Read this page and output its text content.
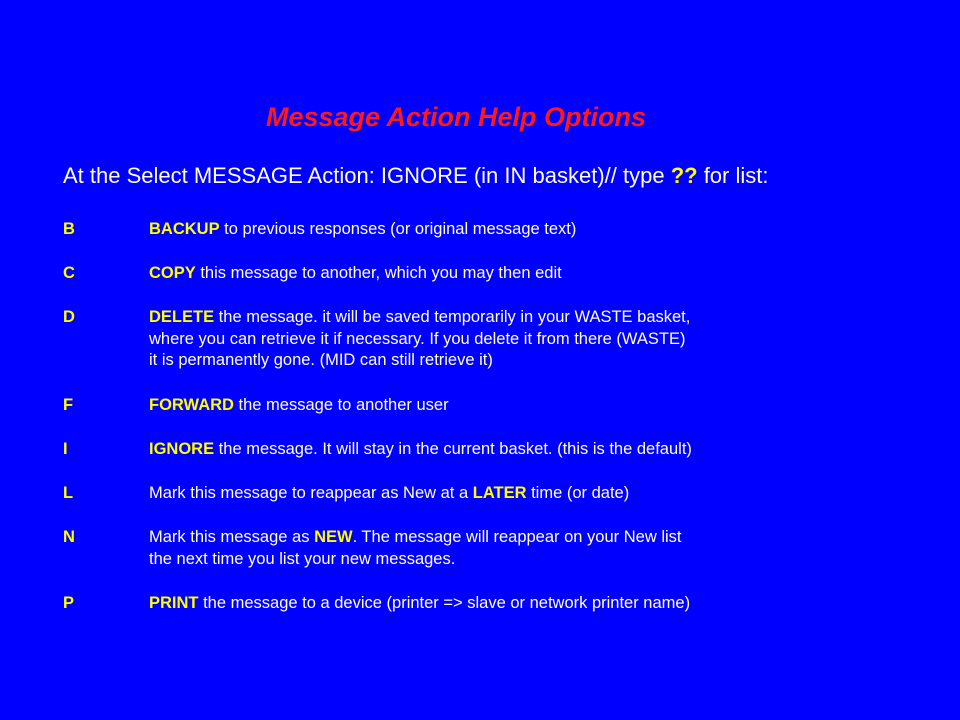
Message Action Help Options
At the Select MESSAGE Action: IGNORE (in IN basket)// type ?? for list:
B	BACKUP to previous responses (or original message text)
C	COPY this message to another, which you may then edit
D	DELETE the message. it will be saved temporarily in your WASTE basket,
where you can retrieve it if necessary. If you delete it from there (WASTE)
it is permanently gone. (MID can still retrieve it)
F	FORWARD the message to another user
I	IGNORE the message. It will stay in the current basket. (this is the default)
L	Mark this message to reappear as New at a LATER time (or date)
N	Mark this message as NEW. The message will reappear on your New list
the next time you list your new messages.
P	PRINT the message to a device (printer => slave or network printer name)
